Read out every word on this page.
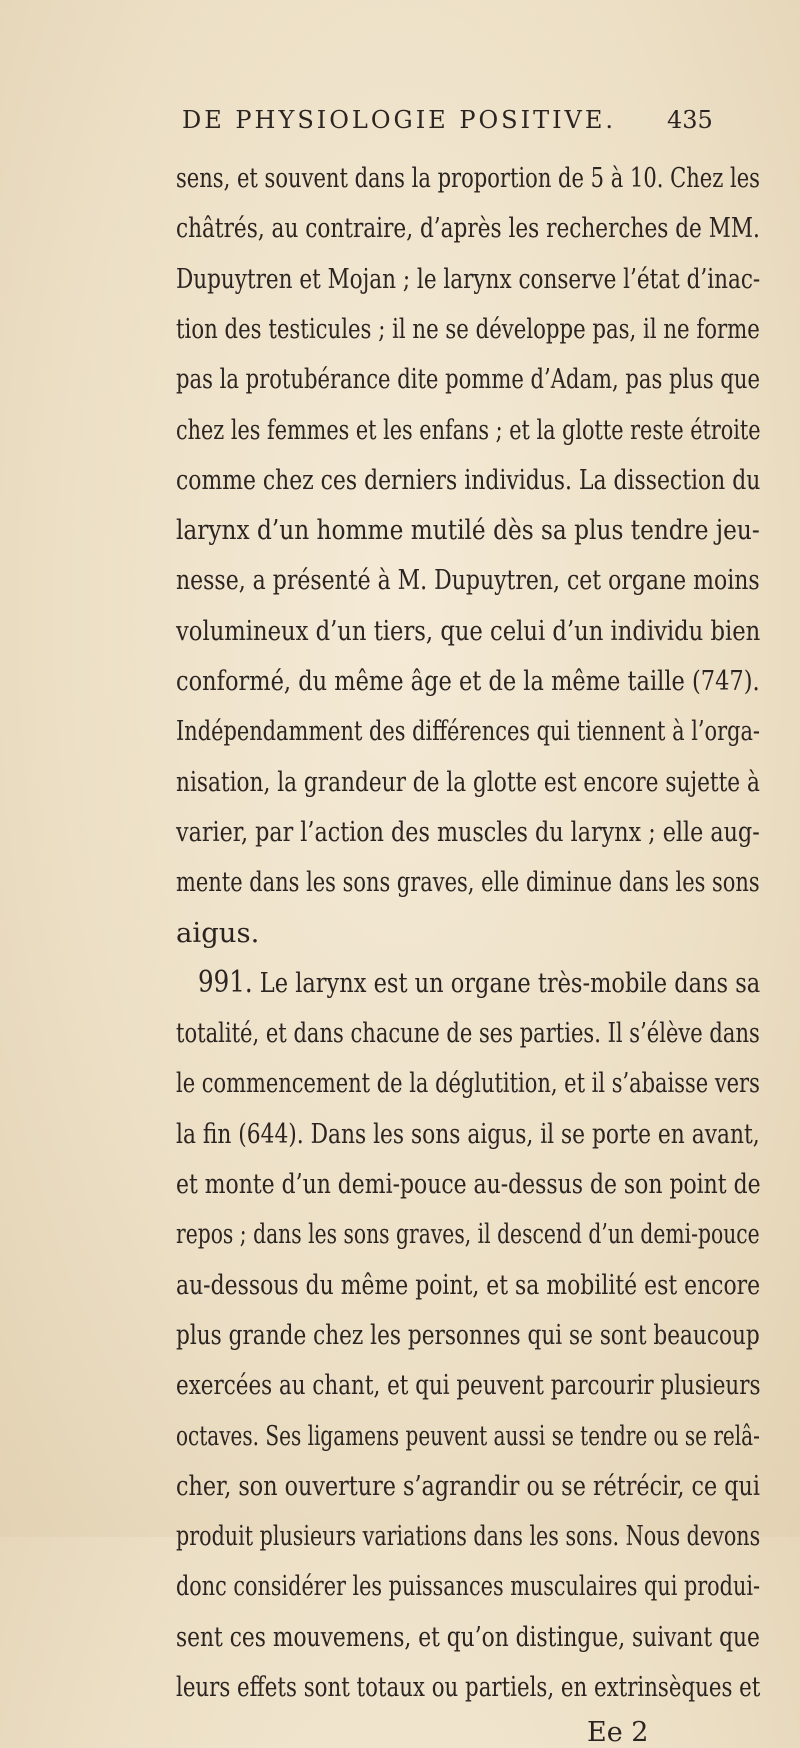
DE PHYSIOLOGIE POSITIVE. 435
sens, et souvent dans la proportion de 5 à 10. Chez les
châtrés, au contraire, d’après les recherches de MM.
Dupuytren et Mojan ; le larynx conserve l’état d’inac-
tion des testicules ; il ne se développe pas, il ne forme
pas la protubérance dite pomme d’Adam, pas plus que
chez les femmes et les enfans ; et la glotte reste étroite
comme chez ces derniers individus. La dissection du
larynx d’un homme mutilé dès sa plus tendre jeu-
nesse, a présenté à M. Dupuytren, cet organe moins
volumineux d’un tiers, que celui d’un individu bien
conformé, du même âge et de la même taille (747).
Indépendamment des différences qui tiennent à l’orga-
nisation, la grandeur de la glotte est encore sujette à
varier, par l’action des muscles du larynx ; elle aug-
mente dans les sons graves, elle diminue dans les sons
aigus.
991. Le larynx est un organe très-mobile dans sa
totalité, et dans chacune de ses parties. Il s’élève dans
le commencement de la déglutition, et il s’abaisse vers
la fin (644). Dans les sons aigus, il se porte en avant,
et monte d’un demi-pouce au-dessus de son point de
repos ; dans les sons graves, il descend d’un demi-pouce
au-dessous du même point, et sa mobilité est encore
plus grande chez les personnes qui se sont beaucoup
exercées au chant, et qui peuvent parcourir plusieurs
octaves. Ses ligamens peuvent aussi se tendre ou se relâ-
cher, son ouverture s’agrandir ou se rétrécir, ce qui
produit plusieurs variations dans les sons. Nous devons
donc considérer les puissances musculaires qui produi-
sent ces mouvemens, et qu’on distingue, suivant que
leurs effets sont totaux ou partiels, en extrinsèques et
Ee 2
